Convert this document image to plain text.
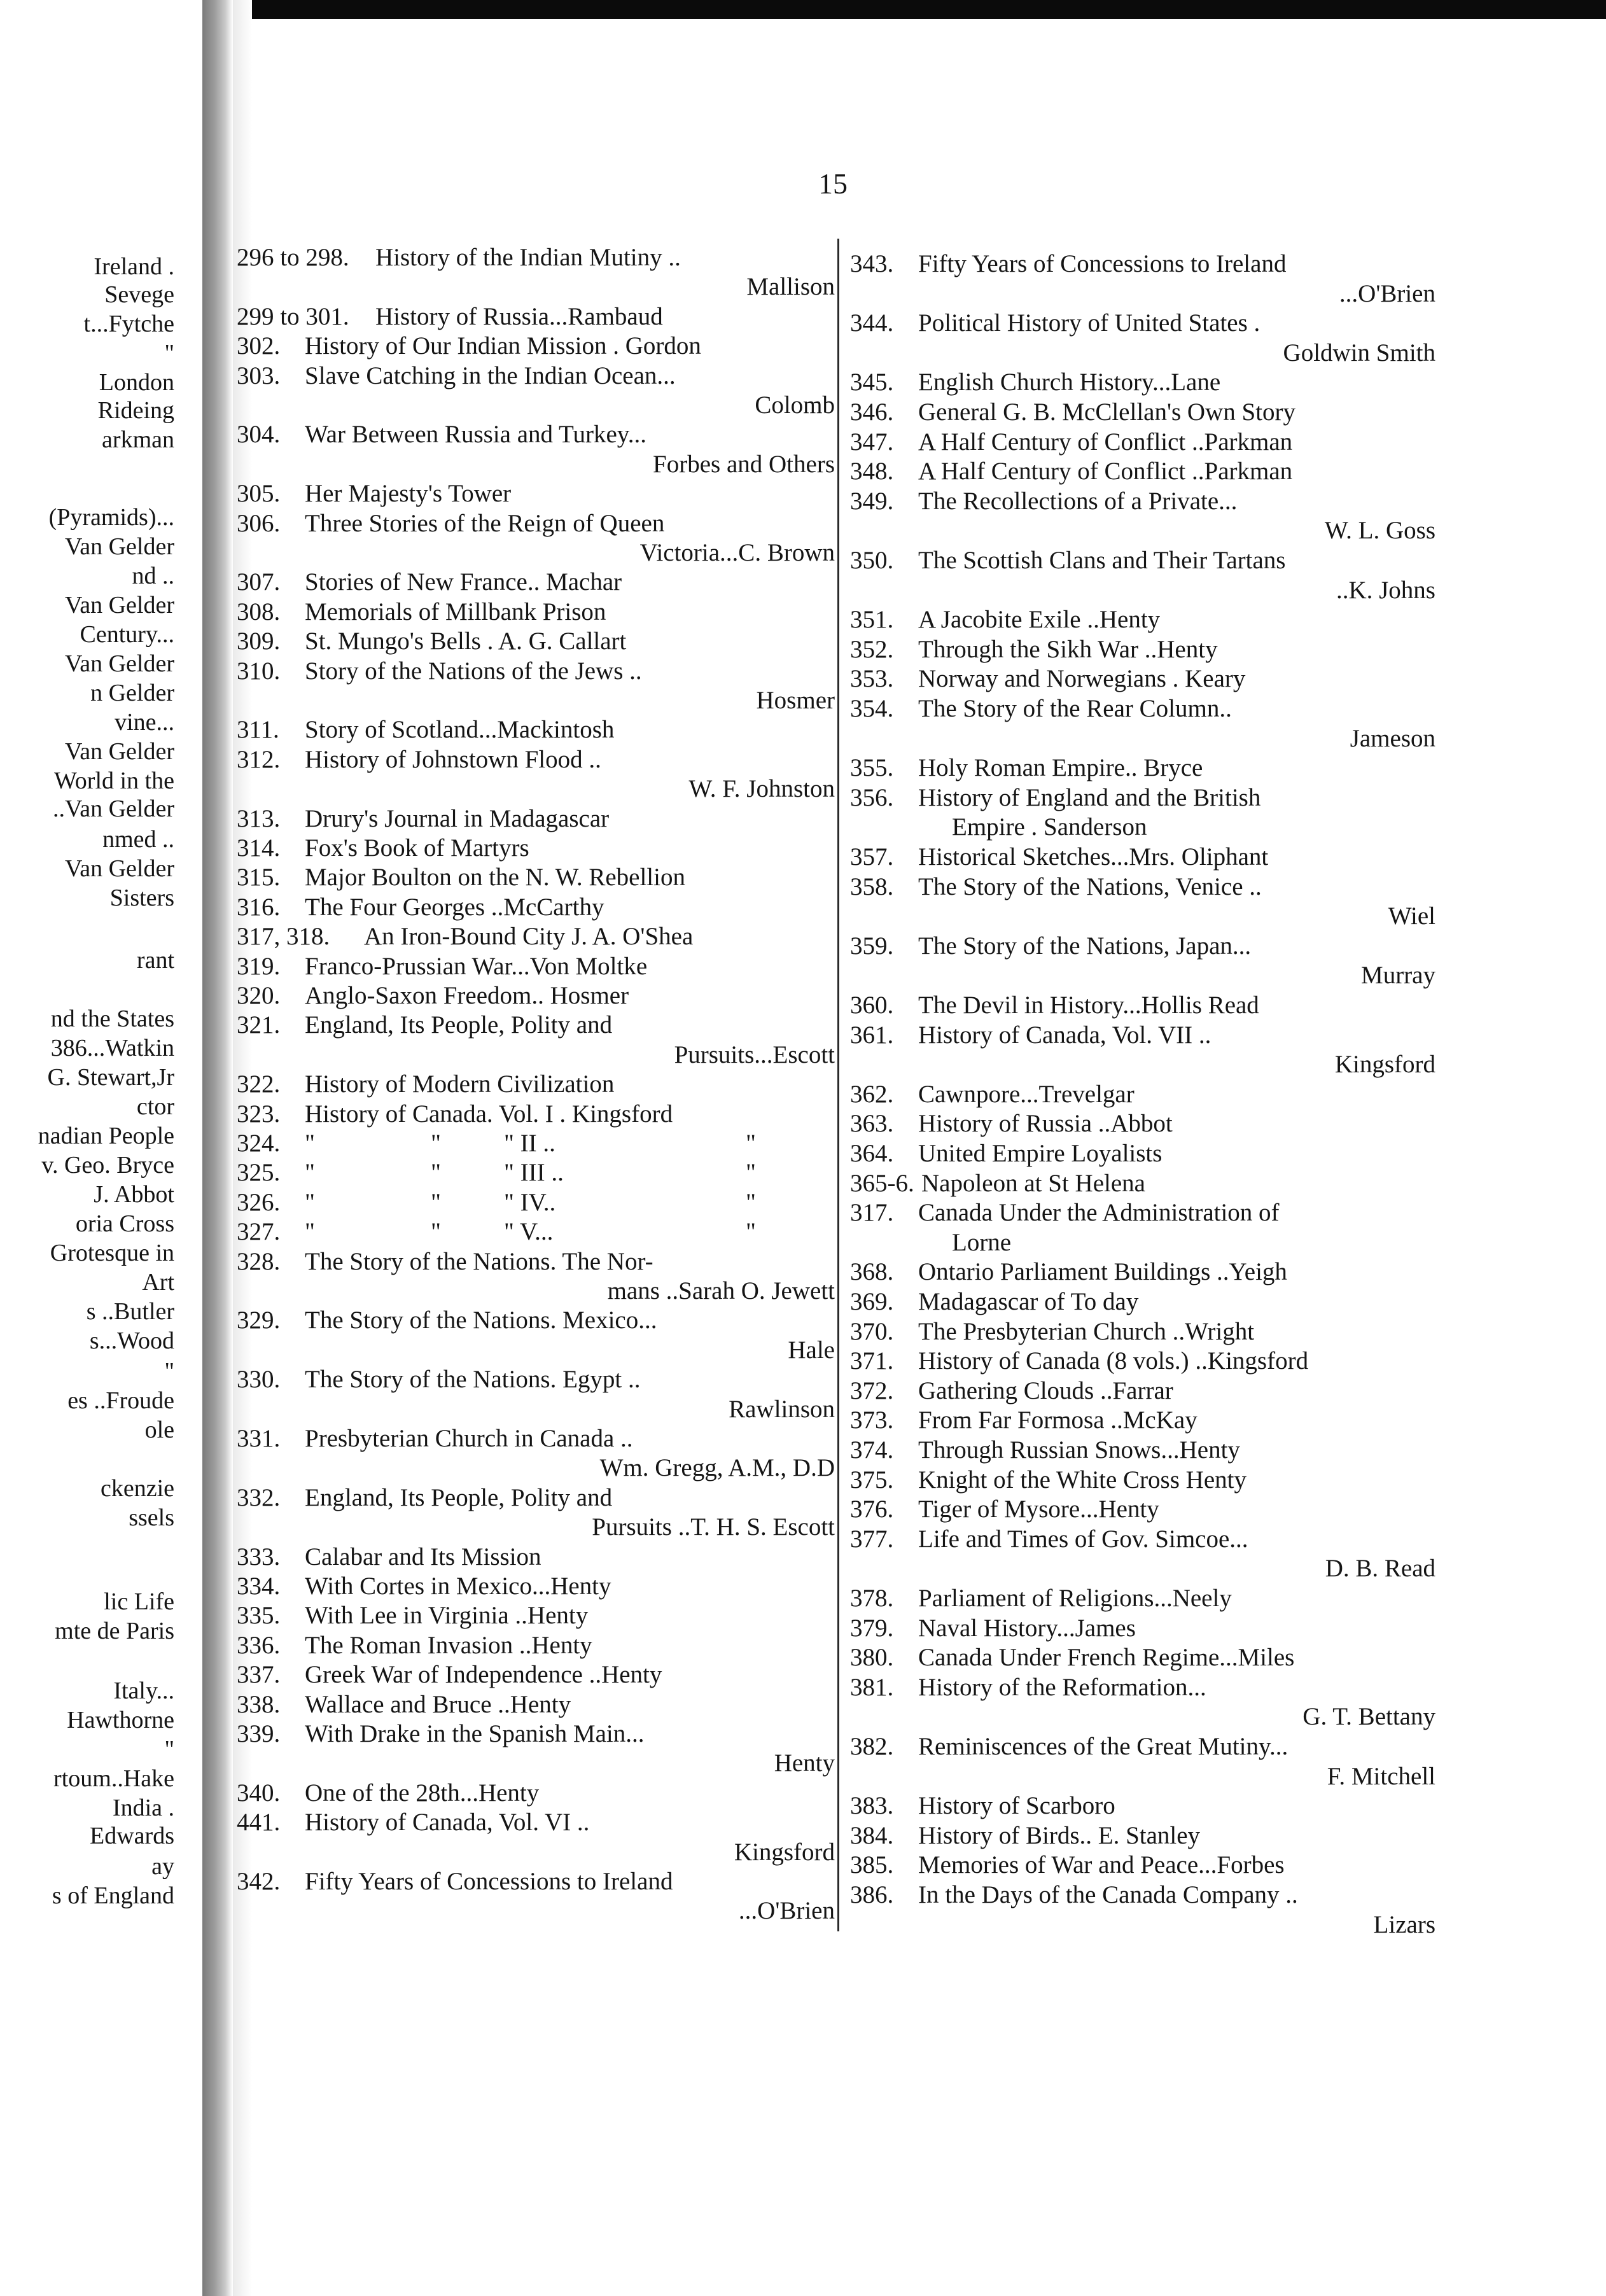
Ireland .
Sevege
t...Fytche
"
London
Rideing
arkman
(Pyramids)...
Van Gelder
nd ..
Van Gelder
Century...
Van Gelder
n Gelder
vine...
Van Gelder
World in the
..Van Gelder
nmed ..
Van Gelder
Sisters
rant
nd the States
386...Watkin
G. Stewart,Jr
ctor
nadian People
v. Geo. Bryce
J. Abbot
oria Cross
Grotesque in
Art
s ..Butler
s...Wood
"
es ..Froude
ole
ckenzie
ssels
lic Life
mte de Paris
Italy...
Hawthorne
"
rtoum..Hake
India .
Edwards
ay
s of England
15
296 to 298. History of the Indian Mutiny ..
Mallison
299 to 301. History of Russia...Rambaud
302. History of Our Indian Mission . Gordon
303. Slave Catching in the Indian Ocean...
Colomb
304. War Between Russia and Turkey...
Forbes and Others
305. Her Majesty's Tower
306. Three Stories of the Reign of Queen
Victoria...C. Brown
307. Stories of New France.. Machar
308. Memorials of Millbank Prison
309. St. Mungo's Bells . A. G. Callart
310. Story of the Nations of the Jews ..
Hosmer
311. Story of Scotland...Mackintosh
312. History of Johnstown Flood ..
W. F. Johnston
313. Drury's Journal in Madagascar
314. Fox's Book of Martyrs
315. Major Boulton on the N. W. Rebellion
316. The Four Georges ..McCarthy
317, 318. An Iron-Bound City J. A. O'Shea
319. Franco-Prussian War...Von Moltke
320. Anglo-Saxon Freedom.. Hosmer
321. England, Its People, Polity and
Pursuits...Escott
322. History of Modern Civilization
323. History of Canada. Vol. I . Kingsford
324. "	"	" II ..	"
325. "	"	" III ..	"
326. "	"	" IV..	"
327. "	"	" V...	"
328. The Story of the Nations. The Nor-
mans ..Sarah O. Jewett
329. The Story of the Nations. Mexico...
Hale
330. The Story of the Nations. Egypt ..
Rawlinson
331. Presbyterian Church in Canada ..
Wm. Gregg, A.M., D.D
332. England, Its People, Polity and
Pursuits ..T. H. S. Escott
333. Calabar and Its Mission
334. With Cortes in Mexico...Henty
335. With Lee in Virginia ..Henty
336. The Roman Invasion ..Henty
337. Greek War of Independence ..Henty
338. Wallace and Bruce ..Henty
339. With Drake in the Spanish Main...
Henty
340. One of the 28th...Henty
441. History of Canada, Vol. VI ..
Kingsford
342. Fifty Years of Concessions to Ireland
...O'Brien
343. Fifty Years of Concessions to Ireland
...O'Brien
344. Political History of United States .
Goldwin Smith
345. English Church History...Lane
346. General G. B. McClellan's Own Story
347. A Half Century of Conflict ..Parkman
348. A Half Century of Conflict ..Parkman
349. The Recollections of a Private...
W. L. Goss
350. The Scottish Clans and Their Tartans
..K. Johns
351. A Jacobite Exile ..Henty
352. Through the Sikh War ..Henty
353. Norway and Norwegians . Keary
354. The Story of the Rear Column..
Jameson
355. Holy Roman Empire.. Bryce
356. History of England and the British
Empire . Sanderson
357. Historical Sketches...Mrs. Oliphant
358. The Story of the Nations, Venice ..
Wiel
359. The Story of the Nations, Japan...
Murray
360. The Devil in History...Hollis Read
361. History of Canada, Vol. VII ..
Kingsford
362. Cawnpore...Trevelgar
363. History of Russia ..Abbot
364. United Empire Loyalists
365-6. Napoleon at St Helena
317. Canada Under the Administration of
Lorne
368. Ontario Parliament Buildings ..Yeigh
369. Madagascar of To day
370. The Presbyterian Church ..Wright
371. History of Canada (8 vols.) ..Kingsford
372. Gathering Clouds ..Farrar
373. From Far Formosa ..McKay
374. Through Russian Snows...Henty
375. Knight of the White Cross Henty
376. Tiger of Mysore...Henty
377. Life and Times of Gov. Simcoe...
D. B. Read
378. Parliament of Religions...Neely
379. Naval History...James
380. Canada Under French Regime...Miles
381. History of the Reformation...
G. T. Bettany
382. Reminiscences of the Great Mutiny...
F. Mitchell
383. History of Scarboro
384. History of Birds.. E. Stanley
385. Memories of War and Peace...Forbes
386. In the Days of the Canada Company ..
Lizars
